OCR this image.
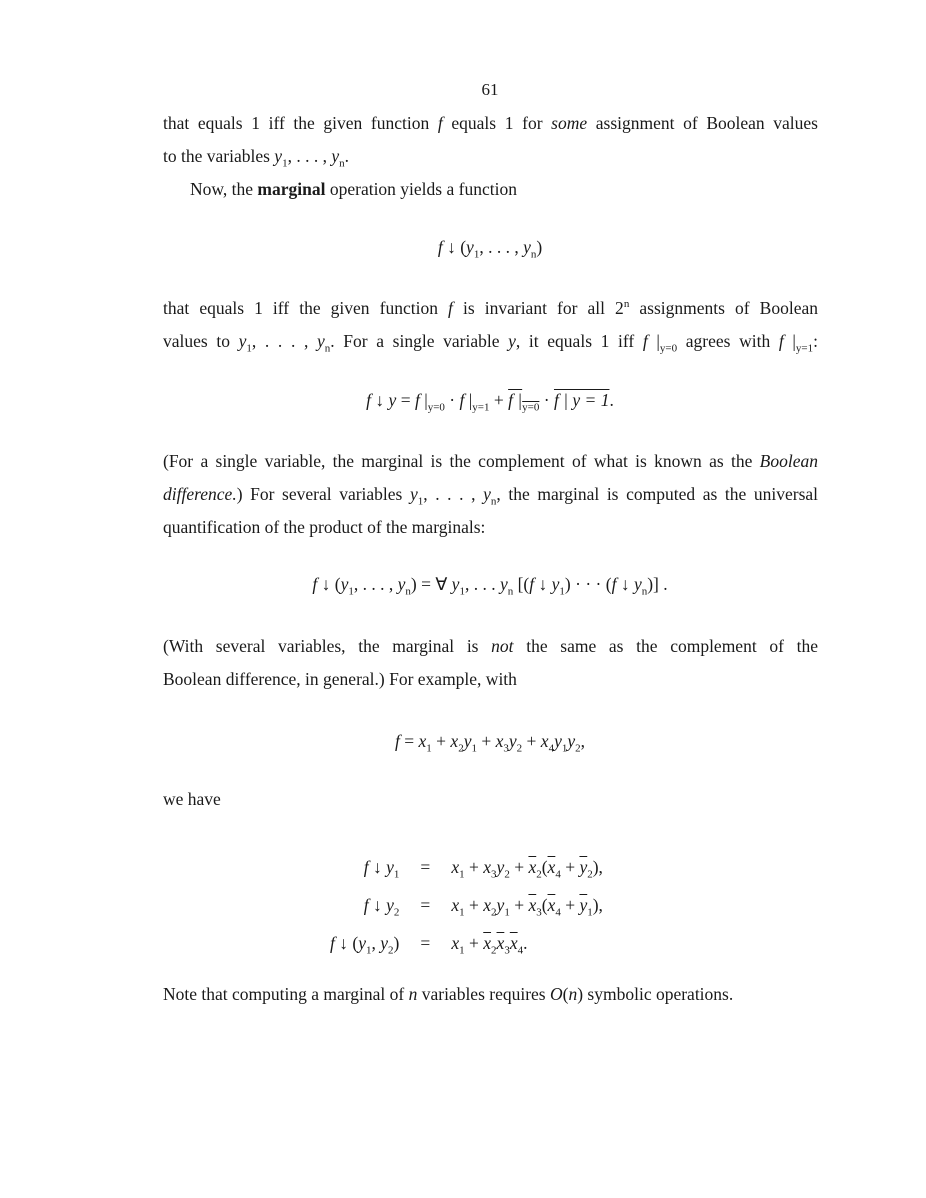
61
that equals 1 iff the given function f equals 1 for some assignment of Boolean values
to the variables $y_1$, . . . , $y_n$.
Now, the marginal operation yields a function
f ↓ ($y_1$, . . . , $y_n$)
that equals 1 iff the given function f is invariant for all 2$^n$ assignments of Boolean
values to $y_1$, . . . , $y_n$. For a single variable y, it equals 1 iff f $|_{y=0}$ agrees with f $|_{y=1}$:
f ↓ y = f $|_{y=0} \cdot f$ $|_{y=1} + f$ $|_{y=0} \cdot f$ | y = 1.
(For a single variable, the marginal is the complement of what is known as the Boolean
difference.) For several variables $y_1$, . . . , $y_n$, the marginal is computed as the universal
quantification of the product of the marginals:
f ↓ ($y_1$, . . . , $y_n$) = ∀ $y_1$, . . . $y_n$ [(f ↓ $y_1$) · · · (f ↓ $y_n$)] .
(With several variables, the marginal is not the same as the complement of the
Boolean difference, in general.) For example, with
$f = x_1 + x_2y_1 + x_3y_2 + x_4y_1y_2$,
we have
f ↓ $y_1$	=	$x_1 + x_3y_2 + \overline{x}_2(\overline{x}_4 + \overline{y}_2)$,
f ↓ $y_2$	=	$x_1 + x_2y_1 + \overline{x}_3(\overline{x}_4 + \overline{y}_1)$,
f ↓ ($y_1$, $y_2$)	=	$x_1 + \overline{x}_2\overline{x}_3\overline{x}_4$.
Note that computing a marginal of n variables requires O(n) symbolic operations.
